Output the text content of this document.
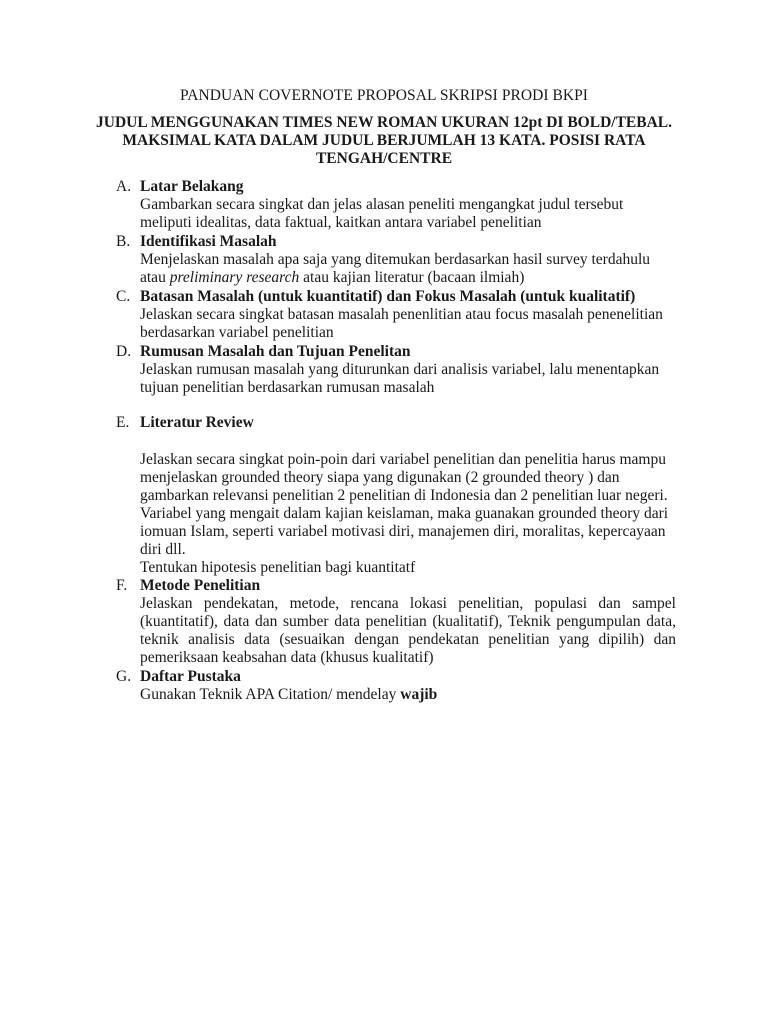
PANDUAN COVERNOTE PROPOSAL SKRIPSI PRODI BKPI
JUDUL MENGGUNAKAN TIMES NEW ROMAN UKURAN 12pt DI BOLD/TEBAL.
MAKSIMAL KATA DALAM JUDUL BERJUMLAH 13 KATA. POSISI RATA
TENGAH/CENTRE
A. Latar Belakang
Gambarkan secara singkat dan jelas alasan peneliti mengangkat judul tersebut
meliputi idealitas, data faktual, kaitkan antara variabel penelitian
B. Identifikasi Masalah
Menjelaskan masalah apa saja yang ditemukan berdasarkan hasil survey terdahulu
atau preliminary research atau kajian literatur (bacaan ilmiah)
C. Batasan Masalah (untuk kuantitatif) dan Fokus Masalah (untuk kualitatif)
Jelaskan secara singkat batasan masalah penenlitian atau focus masalah penenelitian
berdasarkan variabel penelitian
D. Rumusan Masalah dan Tujuan Penelitan
Jelaskan rumusan masalah yang diturunkan dari analisis variabel, lalu menentapkan
tujuan penelitian berdasarkan rumusan masalah
E. Literatur Review
Jelaskan secara singkat poin-poin dari variabel penelitian dan penelitia harus mampu
menjelaskan grounded theory siapa yang digunakan (2 grounded theory ) dan
gambarkan relevansi penelitian 2 penelitian di Indonesia dan 2 penelitian luar negeri.
Variabel yang mengait dalam kajian keislaman, maka guanakan grounded theory dari
iomuan Islam, seperti variabel motivasi diri, manajemen diri, moralitas, kepercayaan
diri dll.
Tentukan hipotesis penelitian bagi kuantitatf
F. Metode Penelitian
Jelaskan pendekatan, metode, rencana lokasi penelitian, populasi dan sampel
(kuantitatif), data dan sumber data penelitian (kualitatif), Teknik pengumpulan data,
teknik analisis data (sesuaikan dengan pendekatan penelitian yang dipilih) dan
pemeriksaan keabsahan data (khusus kualitatif)
G. Daftar Pustaka
Gunakan Teknik APA Citation/ mendelay wajib
